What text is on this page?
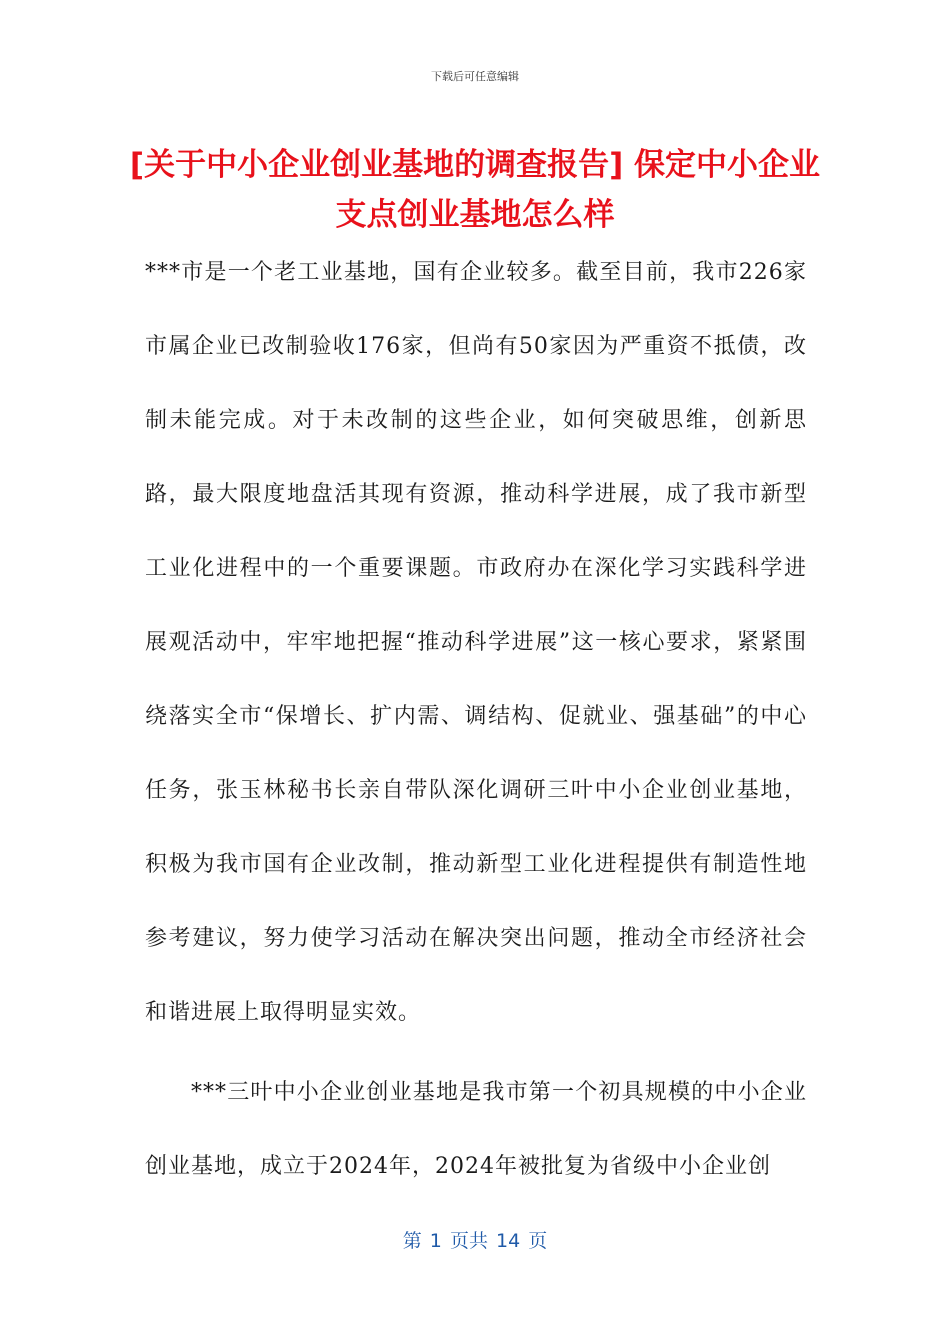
下载后可任意编辑
[关于中小企业创业基地的调查报告] 保定中小企业支点创业基地怎么样

***市是一个老工业基地，国有企业较多。截至目前，我市226家市属企业已改制验收176家，但尚有50家因为严重资不抵债，改制未能完成。对于未改制的这些企业，如何突破思维，创新思路，最大限度地盘活其现有资源，推动科学进展，成了我市新型工业化进程中的一个重要课题。市政府办在深化学习实践科学进展观活动中，牢牢地把握“推动科学进展”这一核心要求，紧紧围绕落实全市“保增长、扩内需、调结构、促就业、强基础”的中心任务，张玉林秘书长亲自带队深化调研三叶中小企业创业基地，积极为我市国有企业改制，推动新型工业化进程提供有制造性地参考建议，努力使学习活动在解决突出问题，推动全市经济社会和谐进展上取得明显实效。

***三叶中小企业创业基地是我市第一个初具规模的中小企业创业基地，成立于2024年，2024年被批复为省级中小企业创

第 1 页共 14 页
